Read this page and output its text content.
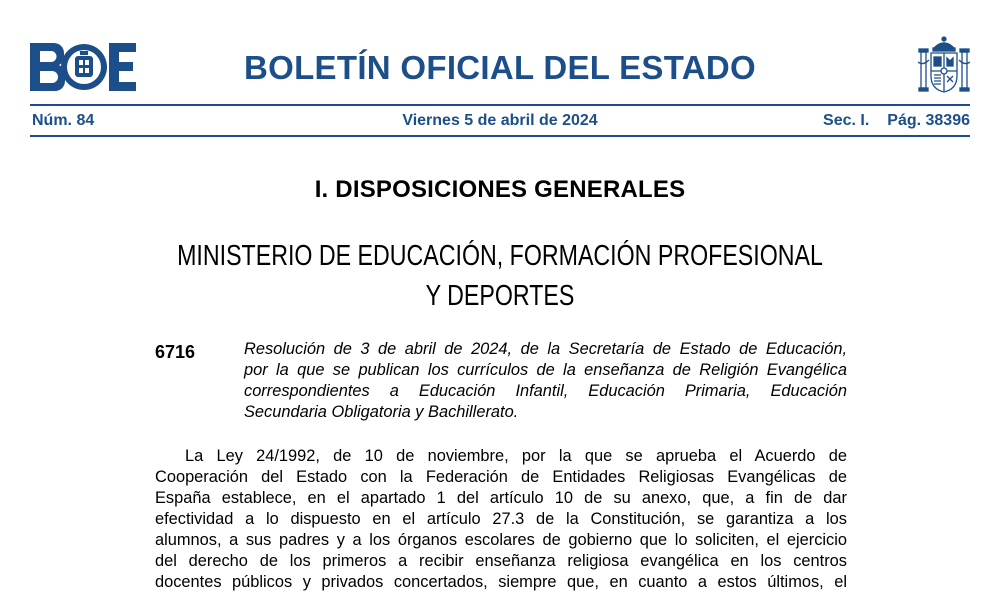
BOLETÍN OFICIAL DEL ESTADO
Núm. 84	Viernes 5 de abril de 2024	Sec. I. Pág. 38396
I. DISPOSICIONES GENERALES
MINISTERIO DE EDUCACIÓN, FORMACIÓN PROFESIONAL
Y DEPORTES
6716	Resolución de 3 de abril de 2024, de la Secretaría de Estado de Educación,
por la que se publican los currículos de la enseñanza de Religión Evangélica
correspondientes a Educación Infantil, Educación Primaria, Educación
Secundaria Obligatoria y Bachillerato.
La Ley 24/1992, de 10 de noviembre, por la que se aprueba el Acuerdo de
Cooperación del Estado con la Federación de Entidades Religiosas Evangélicas de
España establece, en el apartado 1 del artículo 10 de su anexo, que, a fin de dar
efectividad a lo dispuesto en el artículo 27.3 de la Constitución, se garantiza a los
alumnos, a sus padres y a los órganos escolares de gobierno que lo soliciten, el ejercicio
del derecho de los primeros a recibir enseñanza religiosa evangélica en los centros
docentes públicos y privados concertados, siempre que, en cuanto a estos últimos, el
